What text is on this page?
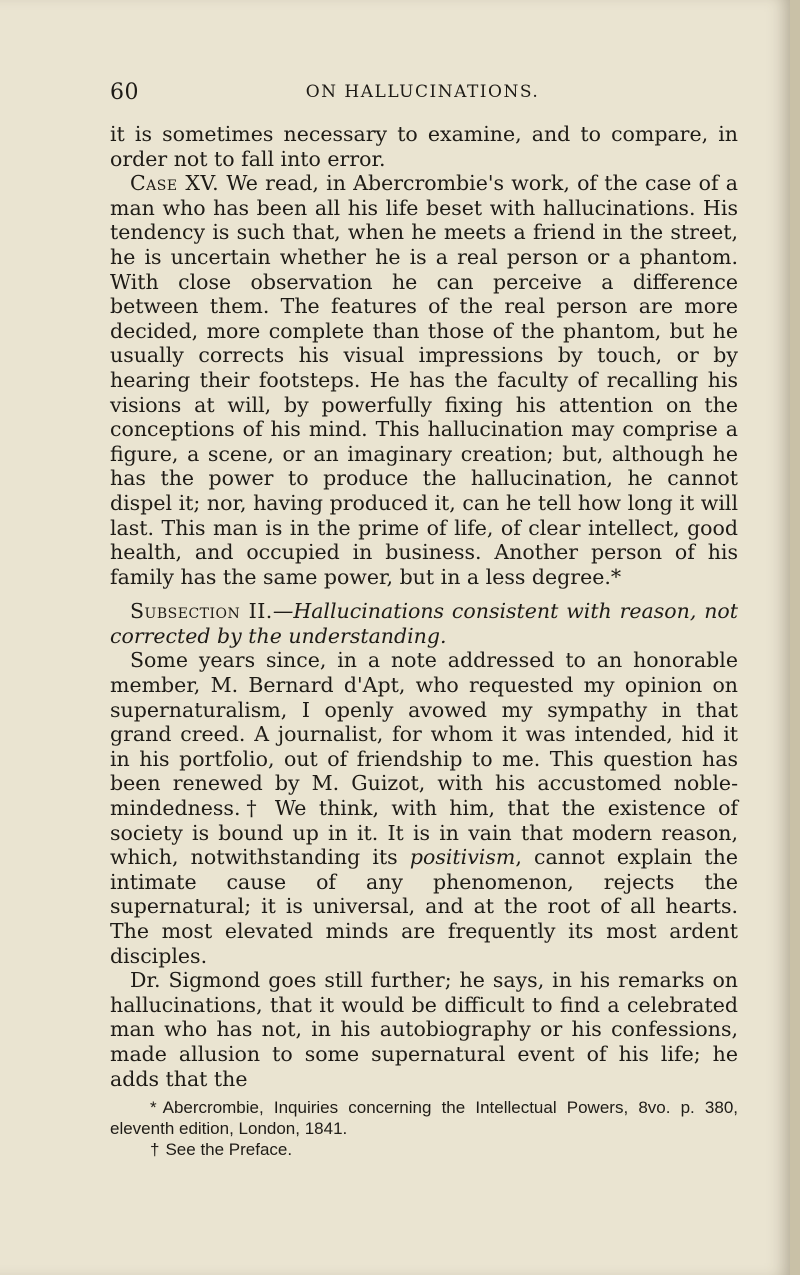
60	ON HALLUCINATIONS.

it is sometimes necessary to examine, and to compare, in order not to fall into error.

Case XV. We read, in Abercrombie's work, of the case of a man who has been all his life beset with hallucinations. His tendency is such that, when he meets a friend in the street, he is uncertain whether he is a real person or a phantom. With close observation he can perceive a difference between them. The features of the real person are more decided, more complete than those of the phantom, but he usually corrects his visual impressions by touch, or by hearing their footsteps. He has the faculty of recalling his visions at will, by powerfully fixing his attention on the conceptions of his mind. This hallucination may comprise a figure, a scene, or an imaginary creation; but, although he has the power to produce the hallucination, he cannot dispel it; nor, having produced it, can he tell how long it will last. This man is in the prime of life, of clear intellect, good health, and occupied in business. Another person of his family has the same power, but in a less degree.*

Subsection II.—Hallucinations consistent with reason, not corrected by the understanding.

Some years since, in a note addressed to an honorable member, M. Bernard d'Apt, who requested my opinion on supernaturalism, I openly avowed my sympathy in that grand creed. A journalist, for whom it was intended, hid it in his portfolio, out of friendship to me. This question has been renewed by M. Guizot, with his accustomed noble-mindedness.† We think, with him, that the existence of society is bound up in it. It is in vain that modern reason, which, notwithstanding its positivism, cannot explain the intimate cause of any phenomenon, rejects the supernatural; it is universal, and at the root of all hearts. The most elevated minds are frequently its most ardent disciples.

Dr. Sigmond goes still further; he says, in his remarks on hallucinations, that it would be difficult to find a celebrated man who has not, in his autobiography or his confessions, made allusion to some supernatural event of his life; he adds that the

* Abercrombie, Inquiries concerning the Intellectual Powers, 8vo. p. 380, eleventh edition, London, 1841.

† See the Preface.
